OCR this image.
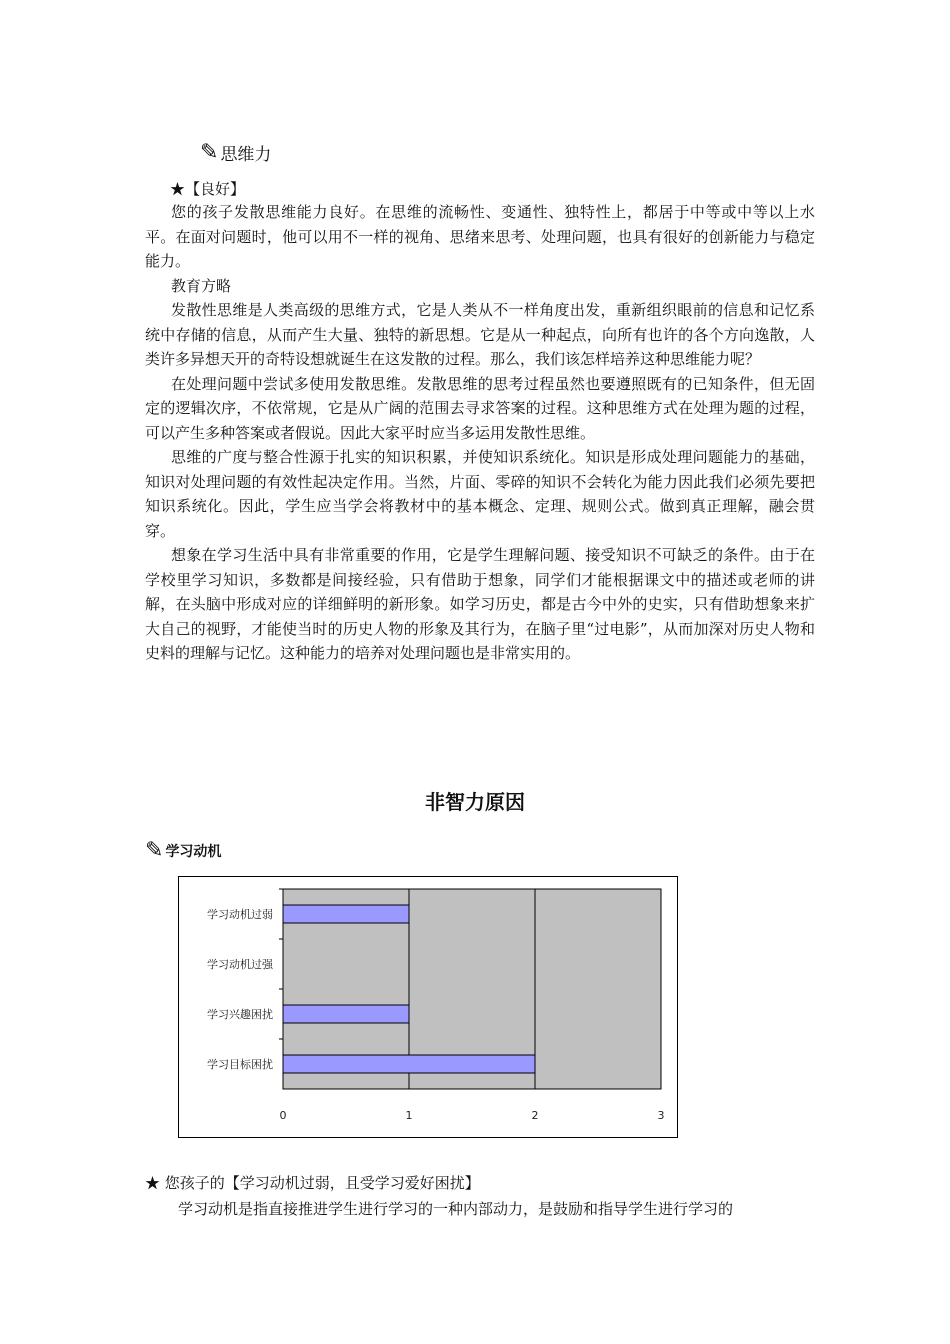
✎ 思维力
★【良好】

您的孩子发散思维能力良好。在思维的流畅性、变通性、独特性上，都居于中等或中等以上水平。在面对问题时，他可以用不一样的视角、思绪来思考、处理问题，也具有很好的创新能力与稳定能力。

教育方略

发散性思维是人类高级的思维方式，它是人类从不一样角度出发，重新组织眼前的信息和记忆系统中存储的信息，从而产生大量、独特的新思想。它是从一种起点，向所有也许的各个方向逸散，人类许多异想天开的奇特设想就诞生在这发散的过程。那么，我们该怎样培养这种思维能力呢？

在处理问题中尝试多使用发散思维。发散思维的思考过程虽然也要遵照既有的已知条件，但无固定的逻辑次序，不依常规，它是从广阔的范围去寻求答案的过程。这种思维方式在处理为题的过程，可以产生多种答案或者假说。因此大家平时应当多运用发散性思维。

思维的广度与整合性源于扎实的知识积累，并使知识系统化。知识是形成处理问题能力的基础，知识对处理问题的有效性起决定作用。当然，片面、零碎的知识不会转化为能力因此我们必须先要把知识系统化。因此，学生应当学会将教材中的基本概念、定理、规则公式。做到真正理解，融会贯穿。

想象在学习生活中具有非常重要的作用，它是学生理解问题、接受知识不可缺乏的条件。由于在学校里学习知识，多数都是间接经验，只有借助于想象，同学们才能根据课文中的描述或老师的讲解，在头脑中形成对应的详细鲜明的新形象。如学习历史，都是古今中外的史实，只有借助想象来扩大自己的视野，才能使当时的历史人物的形象及其行为，在脑子里“过电影”，从而加深对历史人物和史料的理解与记忆。这种能力的培养对处理问题也是非常实用的。

非智力原因
✎ 学习动机
学习动机过弱
学习动机过强
学习兴趣困扰
学习目标困扰
0	1	2	3
★ 您孩子的【学习动机过弱，且受学习爱好困扰】
学习动机是指直接推进学生进行学习的一种内部动力，是鼓励和指导学生进行学习的
